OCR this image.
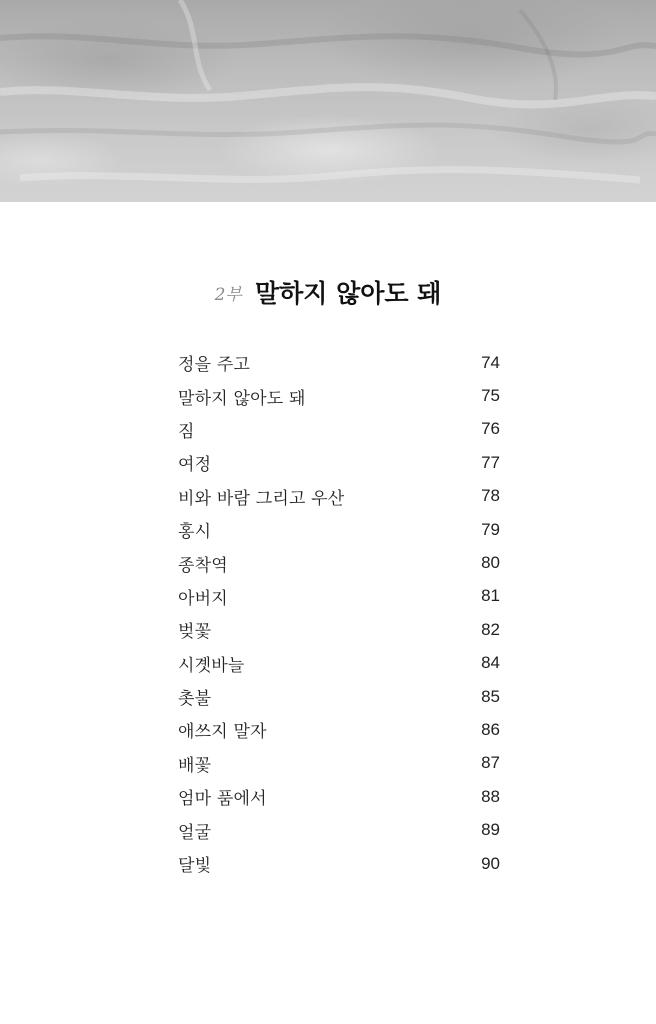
2부 말하지 않아도 돼
정을 주고	74
말하지 않아도 돼	75
짐	76
여정	77
비와 바람 그리고 우산	78
홍시	79
종착역	80
아버지	81
벚꽃	82
시곗바늘	84
촛불	85
애쓰지 말자	86
배꽃	87
엄마 품에서	88
얼굴	89
달빛	90
